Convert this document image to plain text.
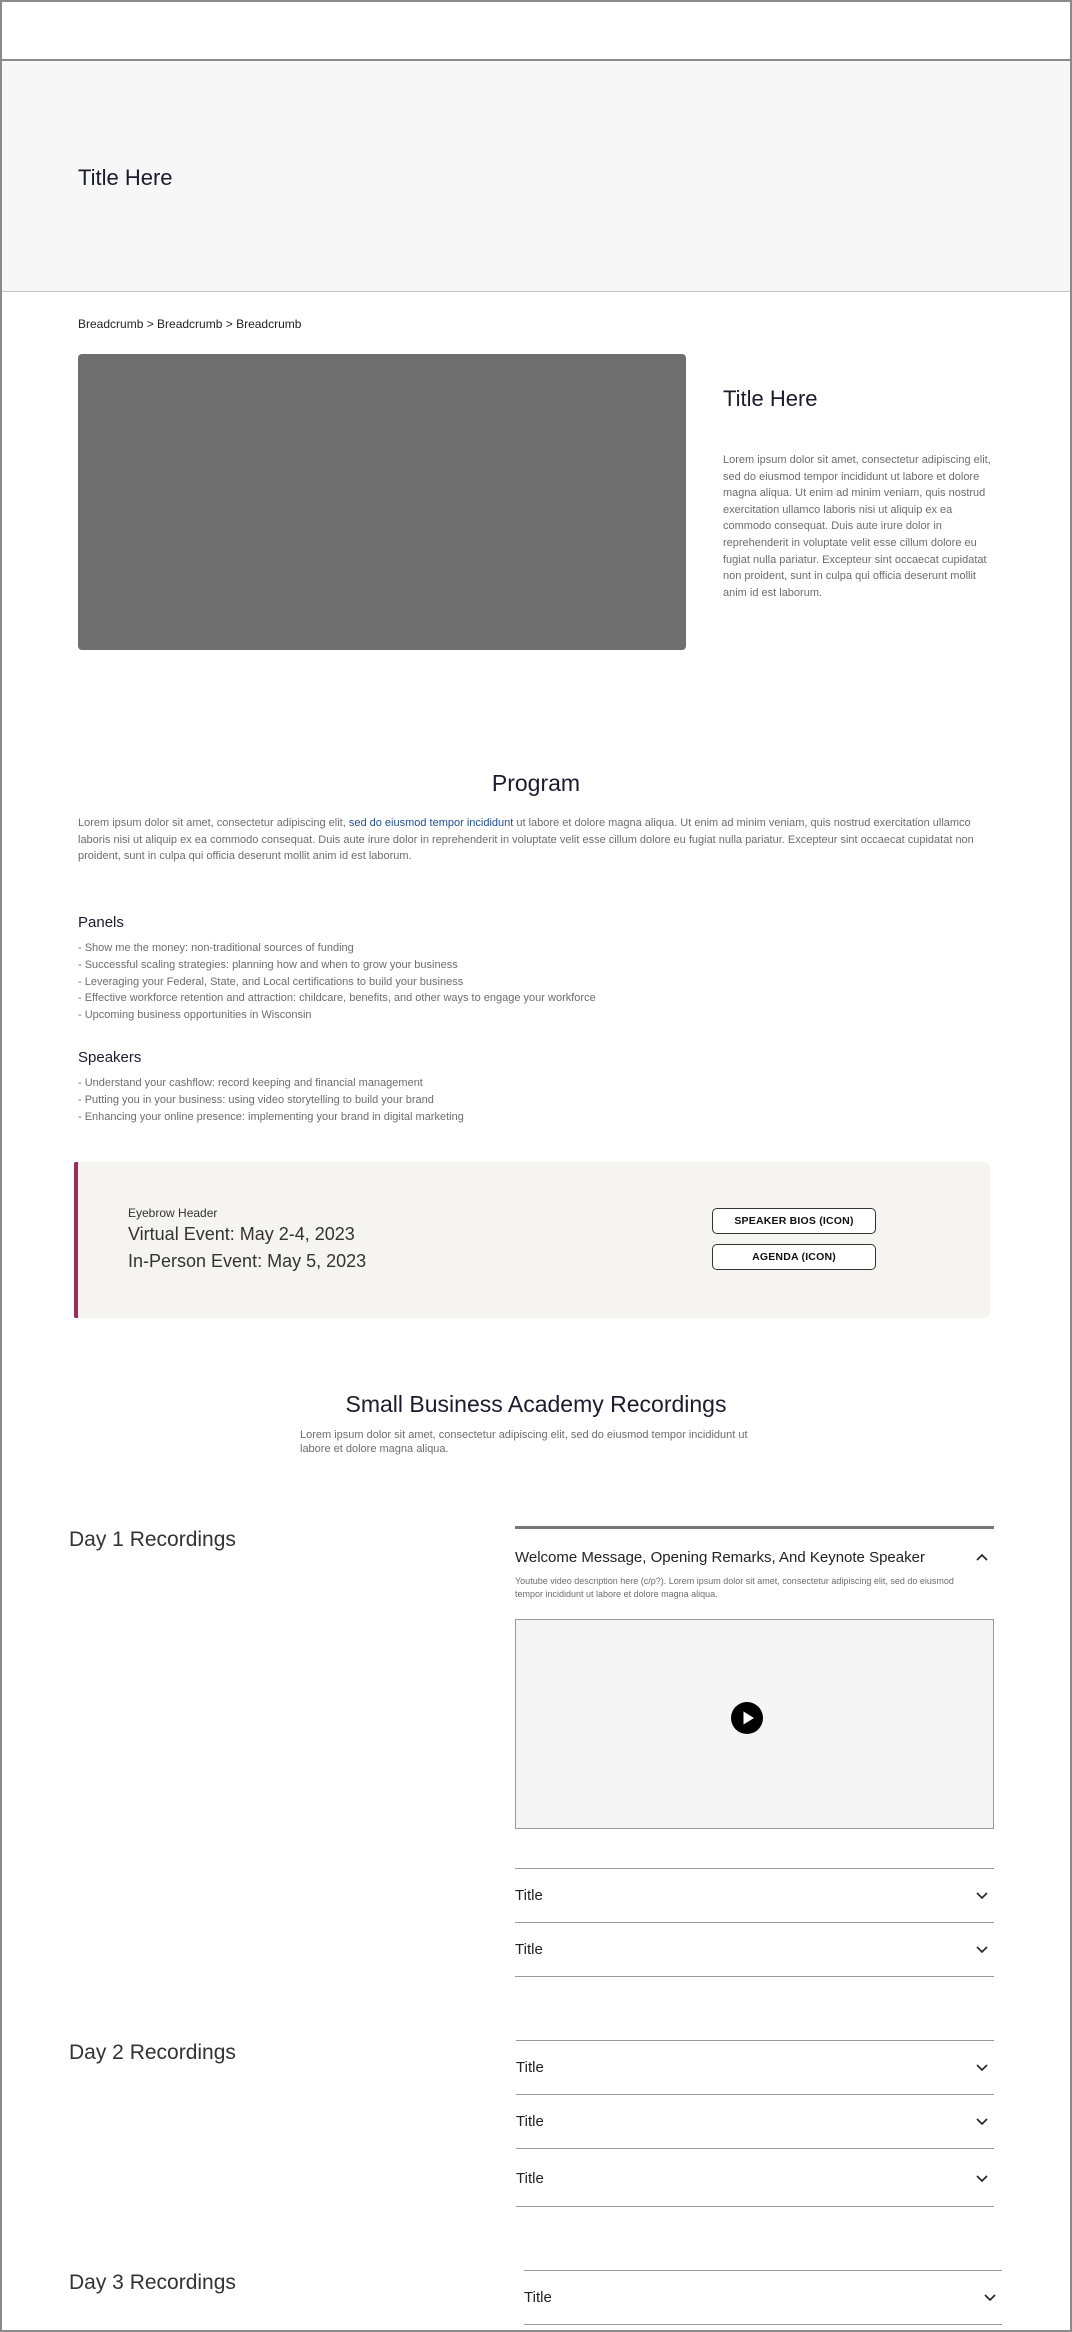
Title Here
Breadcrumb > Breadcrumb > Breadcrumb
Title Here

Lorem ipsum dolor sit amet, consectetur adipiscing elit, sed do eiusmod tempor incididunt ut labore et dolore magna aliqua. Ut enim ad minim veniam, quis nostrud exercitation ullamco laboris nisi ut aliquip ex ea commodo consequat. Duis aute irure dolor in reprehenderit in voluptate velit esse cillum dolore eu fugiat nulla pariatur. Excepteur sint occaecat cupidatat non proident, sunt in culpa qui officia deserunt mollit anim id est laborum.

Program

Lorem ipsum dolor sit amet, consectetur adipiscing elit, sed do eiusmod tempor incididunt ut labore et dolore magna aliqua. Ut enim ad minim veniam, quis nostrud exercitation ullamco laboris nisi ut aliquip ex ea commodo consequat. Duis aute irure dolor in reprehenderit in voluptate velit esse cillum dolore eu fugiat nulla pariatur. Excepteur sint occaecat cupidatat non proident, sunt in culpa qui officia deserunt mollit anim id est laborum.

Panels
- Show me the money: non-traditional sources of funding
- Successful scaling strategies: planning how and when to grow your business
- Leveraging your Federal, State, and Local certifications to build your business
- Effective workforce retention and attraction: childcare, benefits, and other ways to engage your workforce
- Upcoming business opportunities in Wisconsin
Speakers
- Understand your cashflow: record keeping and financial management
- Putting you in your business: using video storytelling to build your brand
- Enhancing your online presence: implementing your brand in digital marketing
Eyebrow Header
Virtual Event: May 2-4, 2023
In-Person Event: May 5, 2023
SPEAKER BIOS (ICON)
AGENDA (ICON)
Small Business Academy Recordings

Lorem ipsum dolor sit amet, consectetur adipiscing elit, sed do eiusmod tempor incididunt ut labore et dolore magna aliqua.

Day 1 Recordings
Welcome Message, Opening Remarks, And Keynote Speaker
Youtube video description here (c/p?). Lorem ipsum dolor sit amet, consectetur adipiscing elit, sed do eiusmod tempor incididunt ut labore et dolore magna aliqua.
Title
Title
Day 2 Recordings
Title
Title
Title
Day 3 Recordings
Title
